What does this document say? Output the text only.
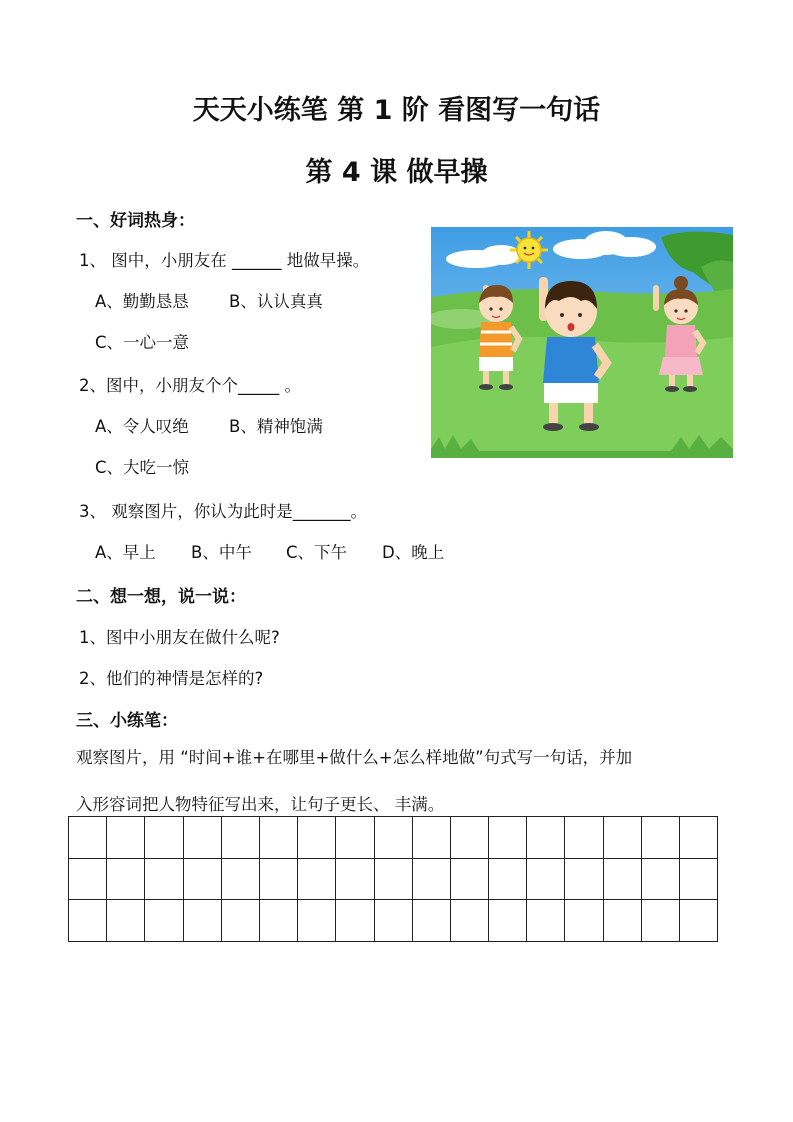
天天小练笔 第 1 阶 看图写一句话
第 4 课 做早操
一、好词热身：
1、 图中，小朋友在 ______ 地做早操。
A、勤勤恳恳 B、认认真真
C、一心一意
2、图中，小朋友个个_____ 。
A、令人叹绝 B、精神饱满
C、大吃一惊
3、 观察图片，你认为此时是_______。
A、早上 B、中午 C、下午 D、晚上
二、想一想，说一说：
1、图中小朋友在做什么呢?
2、他们的神情是怎样的?
三、小练笔：
观察图片，用 “时间+谁+在哪里+做什么+怎么样地做”句式写一句话，并加
入形容词把人物特征写出来，让句子更长、 丰满。
